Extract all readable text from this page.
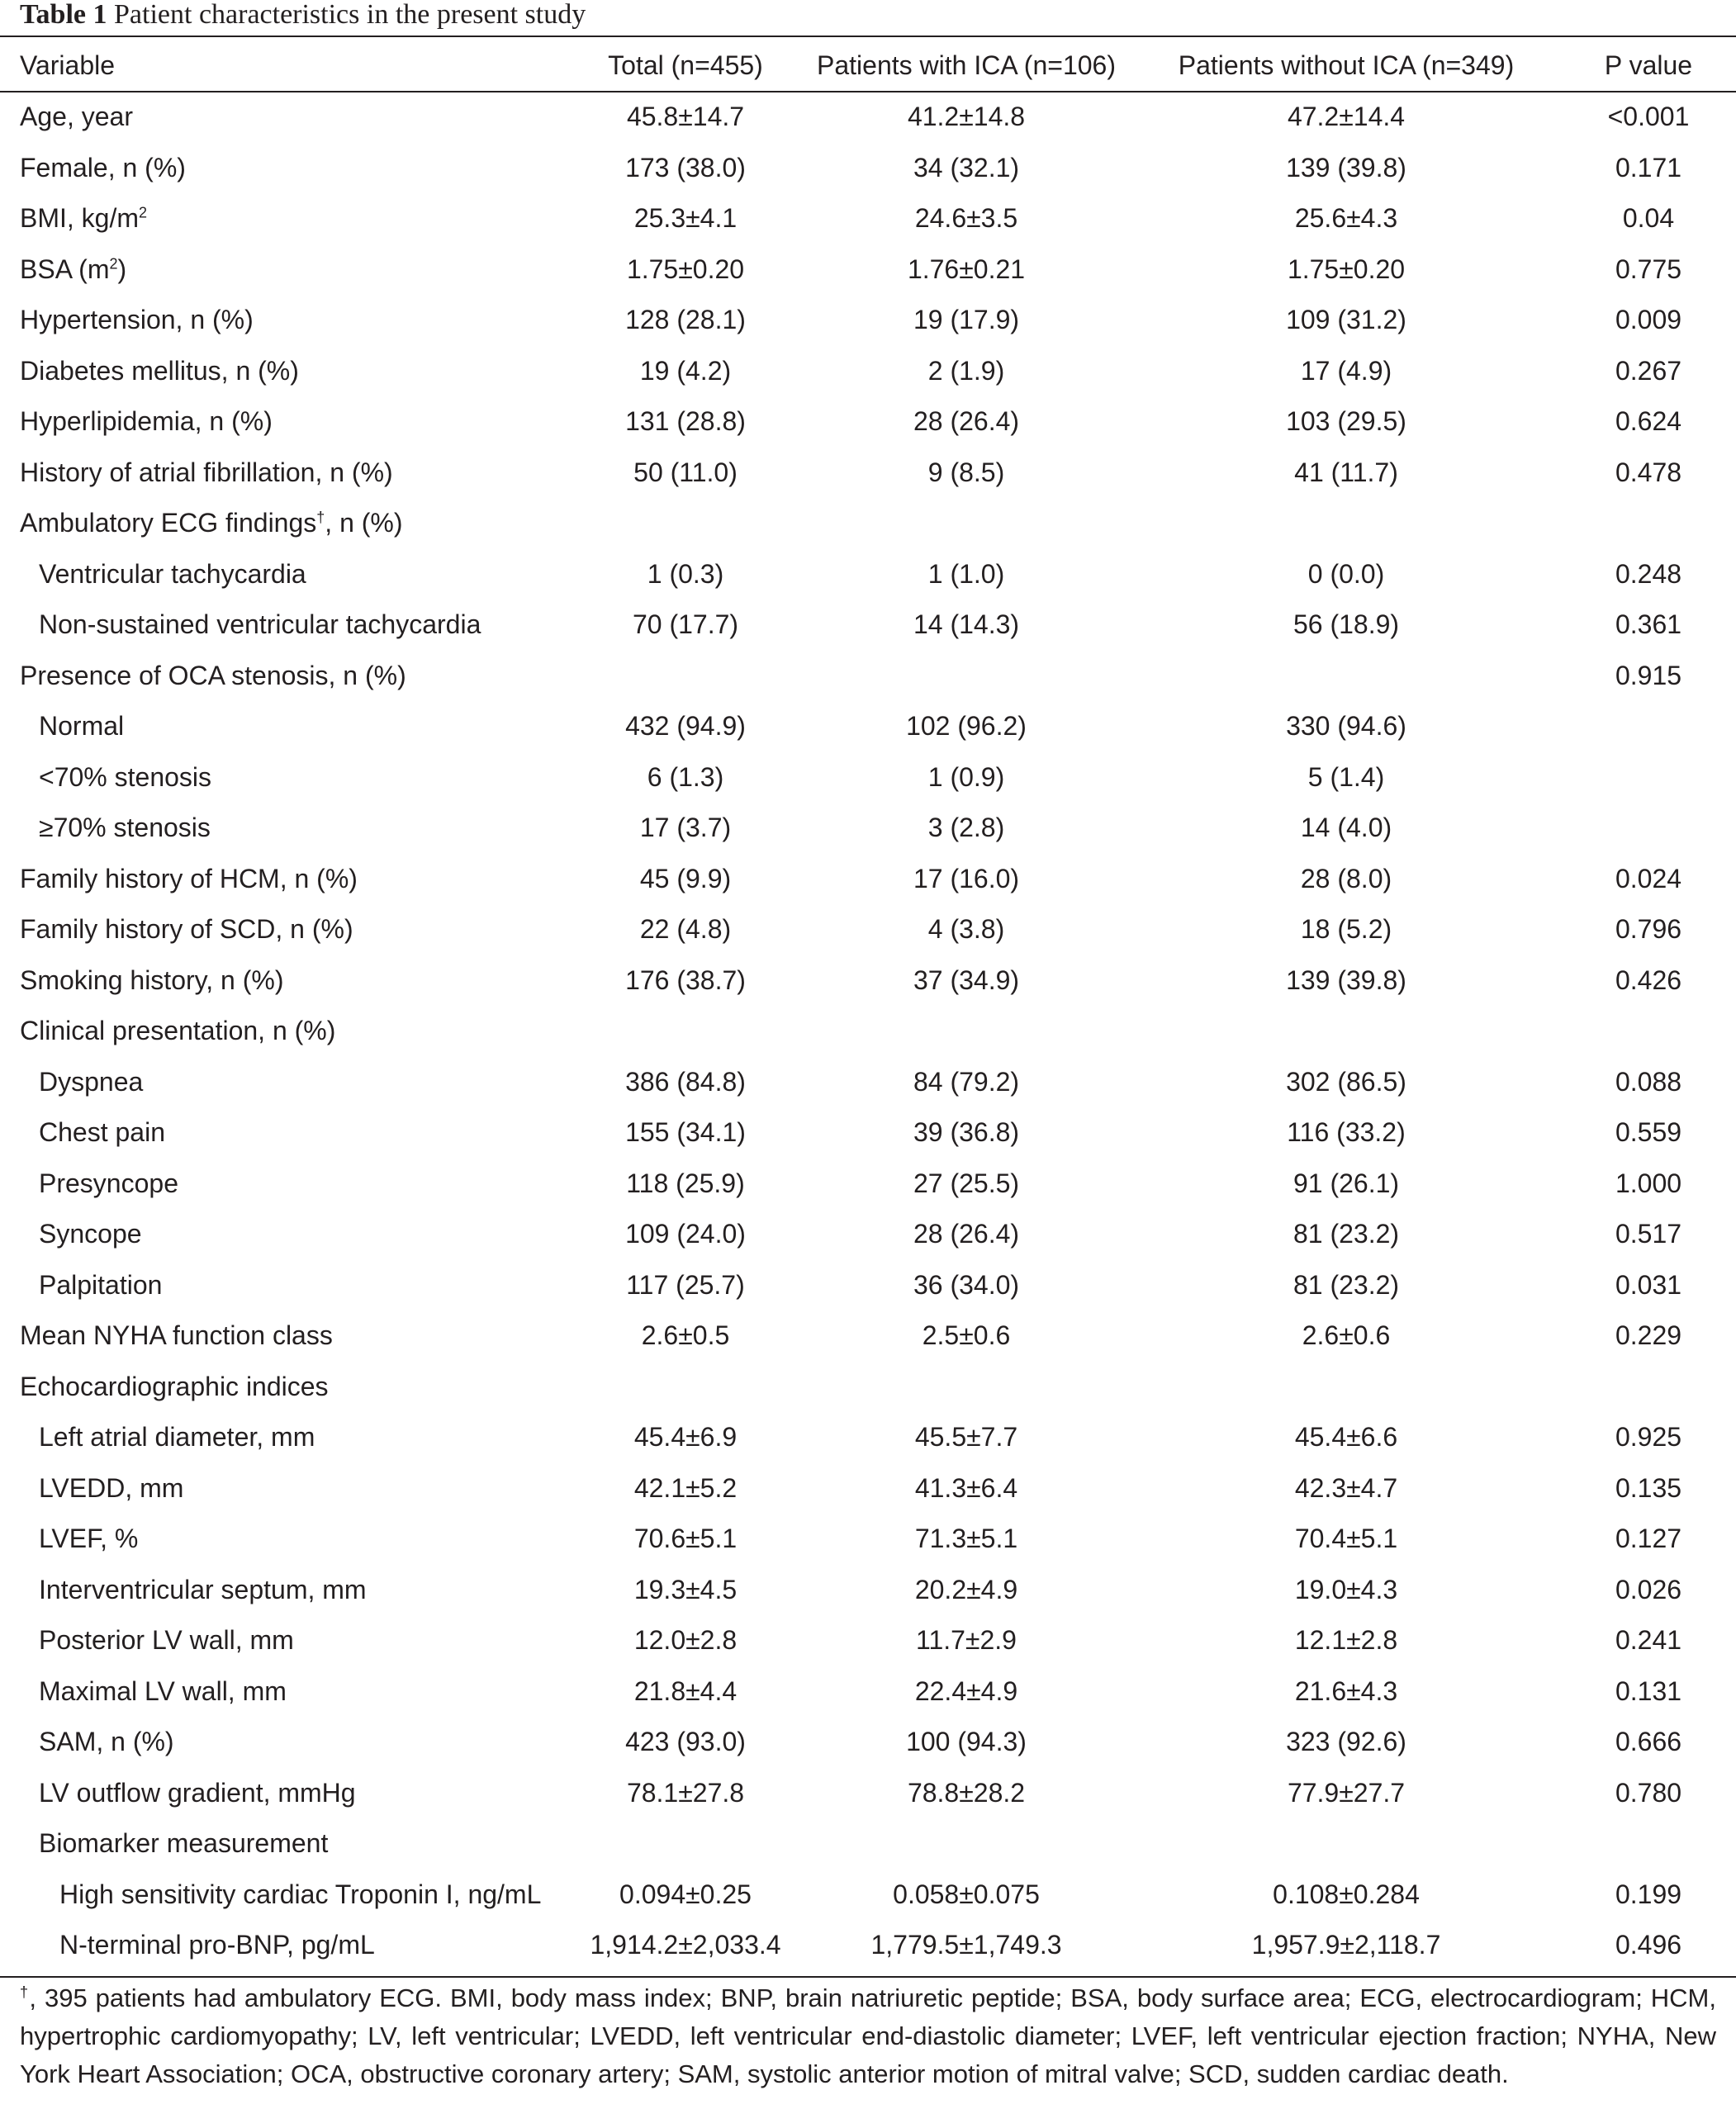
Table 1 Patient characteristics in the present study
Variable	Total (n=455)	Patients with ICA (n=106)	Patients without ICA (n=349)	P value
Age, year	45.8±14.7	41.2±14.8	47.2±14.4	<0.001
Female, n (%)	173 (38.0)	34 (32.1)	139 (39.8)	0.171
BMI, $kg/m^2$	25.3±4.1	24.6±3.5	25.6±4.3	0.04
BSA $(m^2)$	1.75±0.20	1.76±0.21	1.75±0.20	0.775
Hypertension, n (%)	128 (28.1)	19 (17.9)	109 (31.2)	0.009
Diabetes mellitus, n (%)	19 (4.2)	2 (1.9)	17 (4.9)	0.267
Hyperlipidemia, n (%)	131 (28.8)	28 (26.4)	103 (29.5)	0.624
History of atrial fibrillation, n (%)	50 (11.0)	9 (8.5)	41 (11.7)	0.478
Ambulatory ECG findings†, n (%)				
Ventricular tachycardia	1 (0.3)	1 (1.0)	0 (0.0)	0.248
Non-sustained ventricular tachycardia	70 (17.7)	14 (14.3)	56 (18.9)	0.361
Presence of OCA stenosis, n (%)				0.915
Normal	432 (94.9)	102 (96.2)	330 (94.6)	
<70% stenosis	6 (1.3)	1 (0.9)	5 (1.4)	
≥70% stenosis	17 (3.7)	3 (2.8)	14 (4.0)	
Family history of HCM, n (%)	45 (9.9)	17 (16.0)	28 (8.0)	0.024
Family history of SCD, n (%)	22 (4.8)	4 (3.8)	18 (5.2)	0.796
Smoking history, n (%)	176 (38.7)	37 (34.9)	139 (39.8)	0.426
Clinical presentation, n (%)				
Dyspnea	386 (84.8)	84 (79.2)	302 (86.5)	0.088
Chest pain	155 (34.1)	39 (36.8)	116 (33.2)	0.559
Presyncope	118 (25.9)	27 (25.5)	91 (26.1)	1.000
Syncope	109 (24.0)	28 (26.4)	81 (23.2)	0.517
Palpitation	117 (25.7)	36 (34.0)	81 (23.2)	0.031
Mean NYHA function class	2.6±0.5	2.5±0.6	2.6±0.6	0.229
Echocardiographic indices				
Left atrial diameter, mm	45.4±6.9	45.5±7.7	45.4±6.6	0.925
LVEDD, mm	42.1±5.2	41.3±6.4	42.3±4.7	0.135
LVEF, %	70.6±5.1	71.3±5.1	70.4±5.1	0.127
Interventricular septum, mm	19.3±4.5	20.2±4.9	19.0±4.3	0.026
Posterior LV wall, mm	12.0±2.8	11.7±2.9	12.1±2.8	0.241
Maximal LV wall, mm	21.8±4.4	22.4±4.9	21.6±4.3	0.131
SAM, n (%)	423 (93.0)	100 (94.3)	323 (92.6)	0.666
LV outflow gradient, mmHg	78.1±27.8	78.8±28.2	77.9±27.7	0.780
Biomarker measurement				
High sensitivity cardiac Troponin I, ng/mL	0.094±0.25	0.058±0.075	0.108±0.284	0.199
N-terminal pro-BNP, pg/mL	1,914.2±2,033.4	1,779.5±1,749.3	1,957.9±2,118.7	0.496
†, 395 patients had ambulatory ECG. BMI, body mass index; BNP, brain natriuretic peptide; BSA, body surface area; ECG, electrocardiogram; HCM, hypertrophic cardiomyopathy; LV, left ventricular; LVEDD, left ventricular end-diastolic diameter; LVEF, left ventricular ejection fraction; NYHA, New York Heart Association; OCA, obstructive coronary artery; SAM, systolic anterior motion of mitral valve; SCD, sudden cardiac death.
